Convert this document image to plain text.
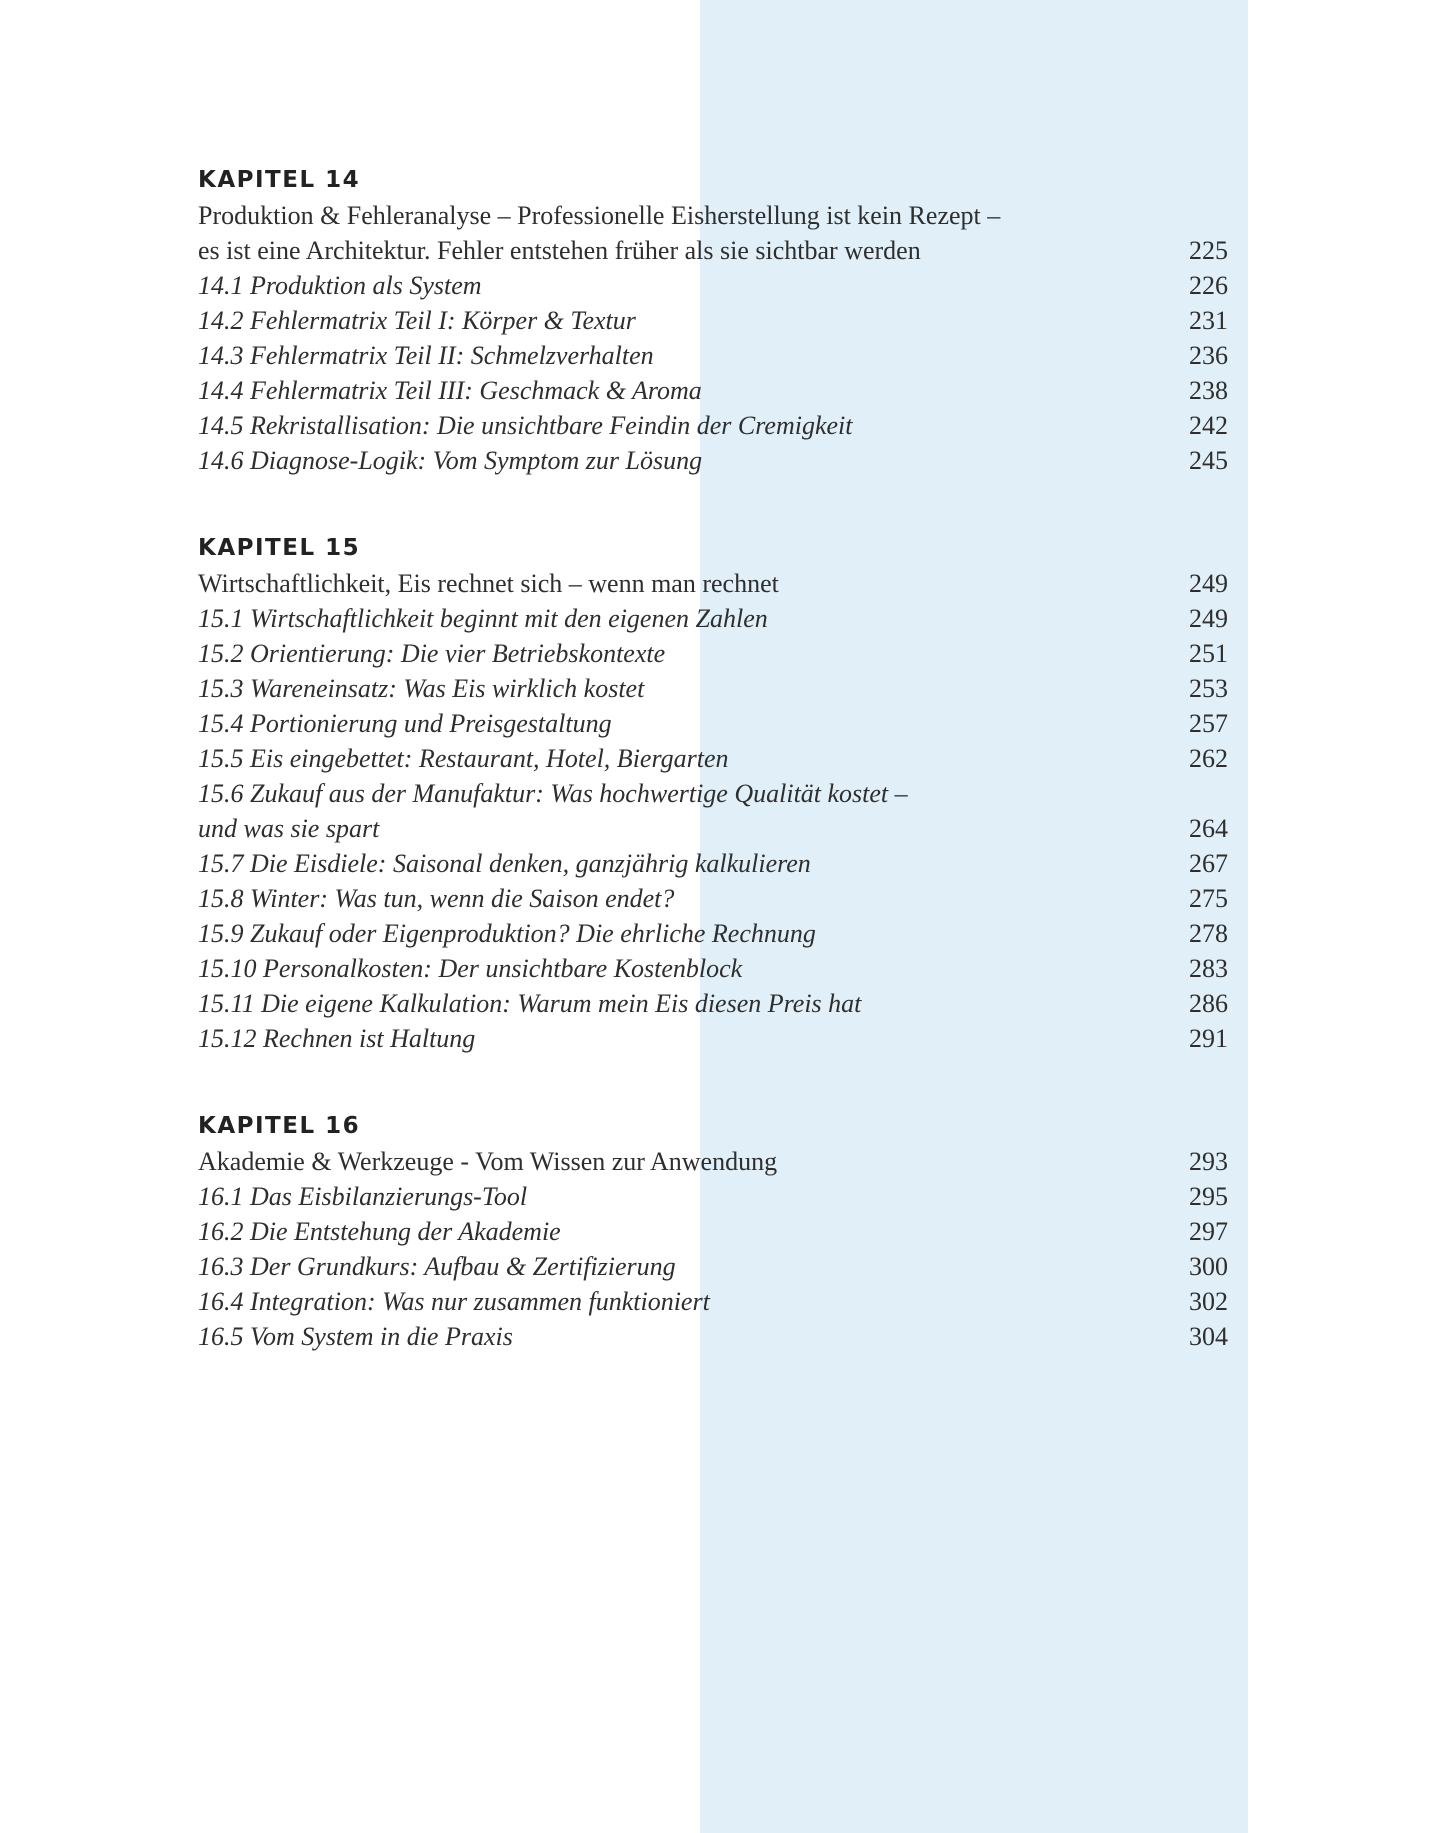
KAPITEL 14
Produktion & Fehleranalyse – Professionelle Eisherstellung ist kein Rezept –
es ist eine Architektur. Fehler entstehen früher als sie sichtbar werden	225
14.1 Produktion als System	226
14.2 Fehlermatrix Teil I: Körper & Textur	231
14.3 Fehlermatrix Teil II: Schmelzverhalten	236
14.4 Fehlermatrix Teil III: Geschmack & Aroma	238
14.5 Rekristallisation: Die unsichtbare Feindin der Cremigkeit	242
14.6 Diagnose-Logik: Vom Symptom zur Lösung	245
KAPITEL 15
Wirtschaftlichkeit, Eis rechnet sich – wenn man rechnet	249
15.1 Wirtschaftlichkeit beginnt mit den eigenen Zahlen	249
15.2 Orientierung: Die vier Betriebskontexte	251
15.3 Wareneinsatz: Was Eis wirklich kostet	253
15.4 Portionierung und Preisgestaltung	257
15.5 Eis eingebettet: Restaurant, Hotel, Biergarten	262
15.6 Zukauf aus der Manufaktur: Was hochwertige Qualität kostet –
und was sie spart	264
15.7 Die Eisdiele: Saisonal denken, ganzjährig kalkulieren	267
15.8 Winter: Was tun, wenn die Saison endet?	275
15.9 Zukauf oder Eigenproduktion? Die ehrliche Rechnung	278
15.10 Personalkosten: Der unsichtbare Kostenblock	283
15.11 Die eigene Kalkulation: Warum mein Eis diesen Preis hat	286
15.12 Rechnen ist Haltung	291
KAPITEL 16
Akademie & Werkzeuge - Vom Wissen zur Anwendung	293
16.1 Das Eisbilanzierungs-Tool	295
16.2 Die Entstehung der Akademie	297
16.3 Der Grundkurs: Aufbau & Zertifizierung	300
16.4 Integration: Was nur zusammen funktioniert	302
16.5 Vom System in die Praxis	304
